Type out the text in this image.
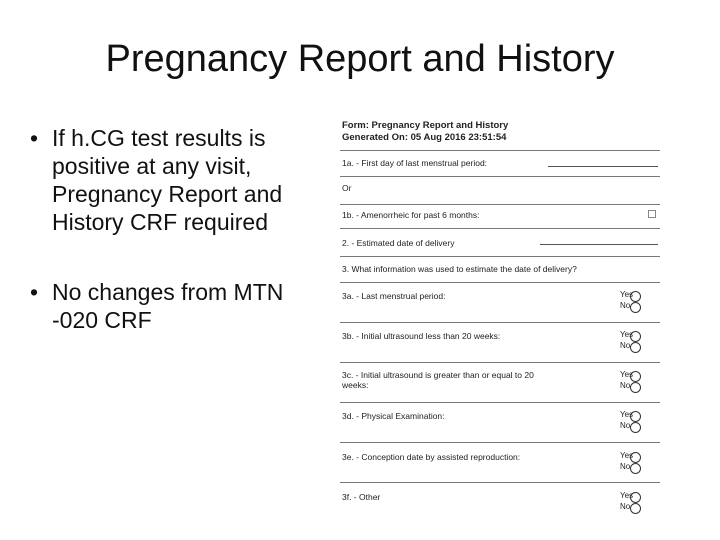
Pregnancy Report and History
• If h.CG test results is positive at any visit, Pregnancy Report and History CRF required
• No changes from MTN -020 CRF
Form: Pregnancy Report and History
Generated On: 05 Aug 2016 23:51:54
1a. - First day of last menstrual period:
Or
1b. - Amenorrheic for past 6 months:
2. - Estimated date of delivery
3. What information was used to estimate the date of delivery?
3a. - Last menstrual period:	Yes
No
3b. - Initial ultrasound less than 20 weeks:	Yes
No
3c. - Initial ultrasound is greater than or equal to 20 weeks:
Yes
No
3d. - Physical Examination:	Yes
No
3e. - Conception date by assisted reproduction:	Yes
No
3f. - Other	Yes
No
